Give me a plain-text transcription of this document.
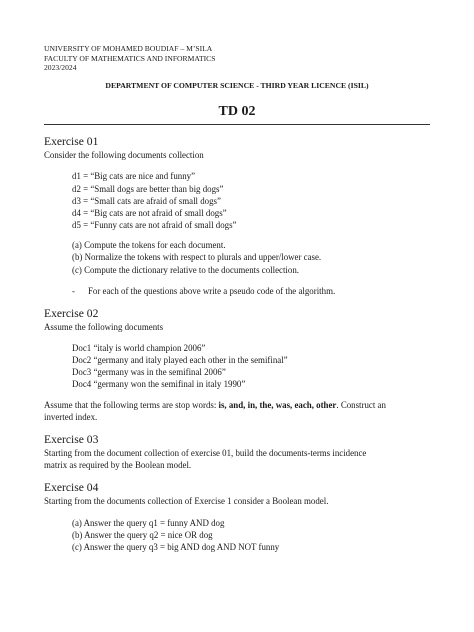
UNIVERSITY OF MOHAMED BOUDIAF – M’SILA
FACULTY OF MATHEMATICS AND INFORMATICS
2023/2024
DEPARTMENT OF COMPUTER SCIENCE - THIRD YEAR LICENCE (ISIL)
TD 02
Exercise 01
Consider the following documents collection
d1 = “Big cats are nice and funny”
d2 = “Small dogs are better than big dogs”
d3 = “Small cats are afraid of small dogs”
d4 = “Big cats are not afraid of small dogs”
d5 = “Funny cats are not afraid of small dogs”
(a) Compute the tokens for each document.
(b) Normalize the tokens with respect to plurals and upper/lower case.
(c) Compute the dictionary relative to the documents collection.
- For each of the questions above write a pseudo code of the algorithm.
Exercise 02
Assume the following documents
Doc1 “italy is world champion 2006”
Doc2 “germany and italy played each other in the semifinal”
Doc3 “germany was in the semifinal 2006”
Doc4 “germany won the semifinal in italy 1990”
Assume that the following terms are stop words: is, and, in, the, was, each, other. Construct an
inverted index.
Exercise 03
Starting from the document collection of exercise 01, build the documents-terms incidence
matrix as required by the Boolean model.
Exercise 04
Starting from the documents collection of Exercise 1 consider a Boolean model.
(a) Answer the query q1 = funny AND dog
(b) Answer the query q2 = nice OR dog
(c) Answer the query q3 = big AND dog AND NOT funny
